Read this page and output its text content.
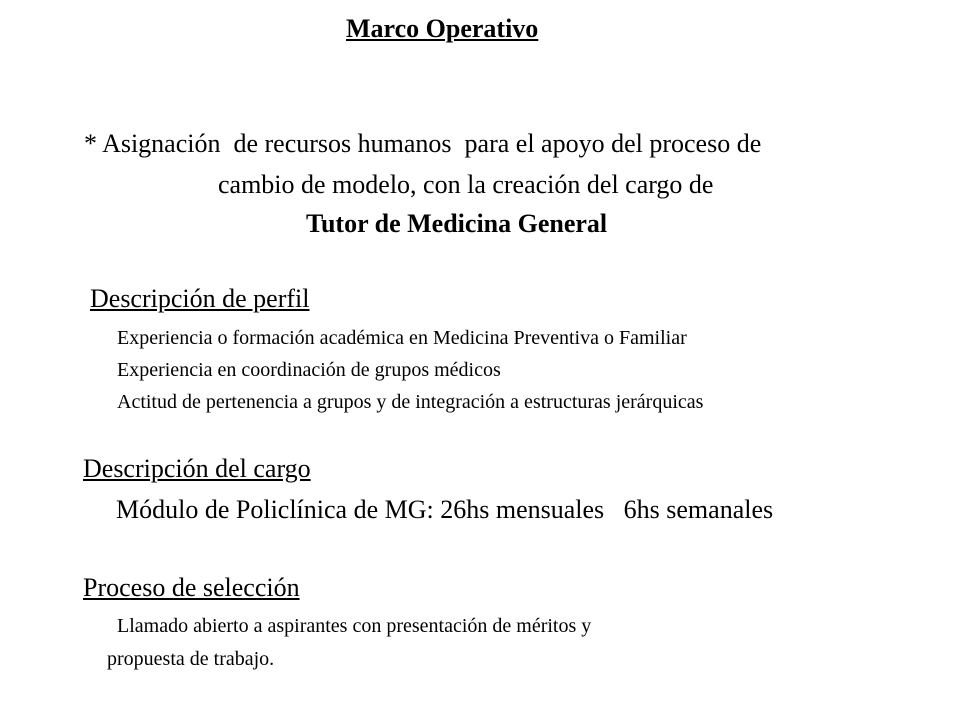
Marco Operativo
* Asignación  de recursos humanos  para el apoyo del proceso de
cambio de modelo, con la creación del cargo de
Tutor de Medicina General
Descripción de perfil
Experiencia o formación académica en Medicina Preventiva o Familiar
Experiencia en coordinación de grupos médicos
Actitud de pertenencia a grupos y de integración a estructuras jerárquicas
Descripción del cargo
Módulo de Policlínica de MG: 26hs mensuales   6hs semanales
Proceso de selección
Llamado abierto a aspirantes con presentación de méritos y
propuesta de trabajo.
